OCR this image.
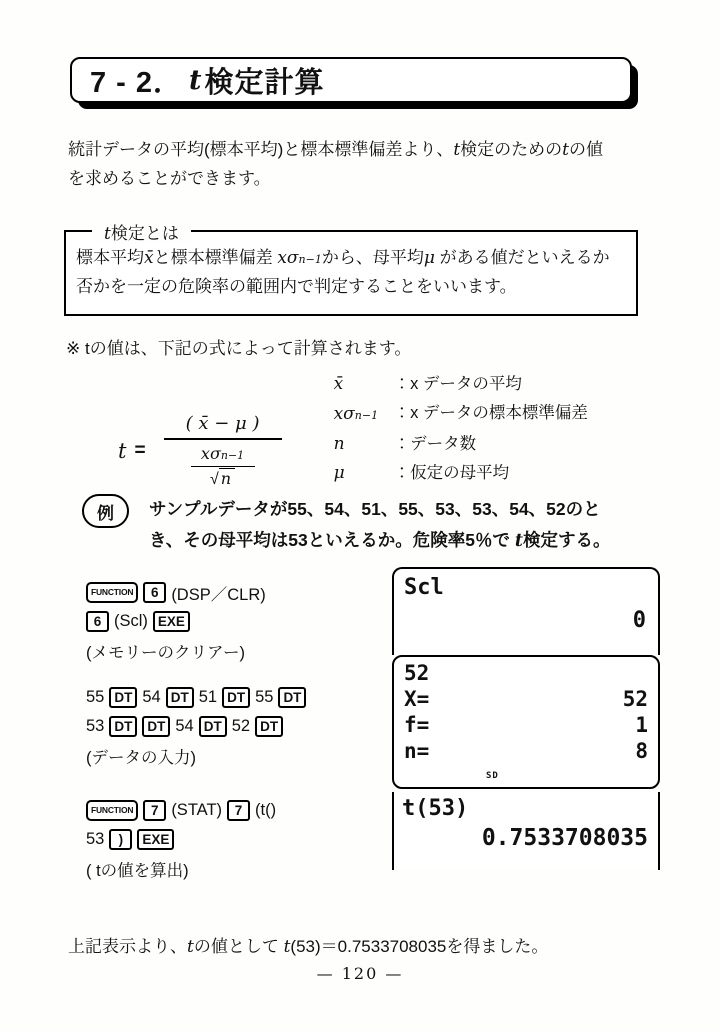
7 - 2． t 検定計算
統計データの平均(標本平均)と標本標準偏差より、t検定のためのtの値
を求めることができます。
t検定とは
標本平均x̄と標本標準偏差 xσn−1から、母平均μ がある値だといえるか
否かを一定の危険率の範囲内で判定することをいいます。
※ tの値は、下記の式によって計算されます。
t = ( x̄ − μ )
xσn−1
√ n
x̄	：x データの平均
xσn−1 ：x データの標本標準偏差
n	：データ数
μ	：仮定の母平均
例	サンプルデータが55、54、51、55、53、53、54、52のと
き、その母平均は53といえるか。危険率5％で t検定する。
FUNCTION	6 (DSP／CLR)
6 (Scl) EXE
(メモリーのクリアー)
Scl
0
55 DT 54 DT 51 DT 55 DT
53 DT	DT 54 DT 52 DT
(データの入力)
52
X=	52
f=	1
n=	8
SD
FUNCTION	7 (STAT) 7 (t()
53	)	EXE
( tの値を算出)
t(53)
0.7533708035
上記表示より、tの値として t(53)＝0.7533708035を得ました。
— 120 —
